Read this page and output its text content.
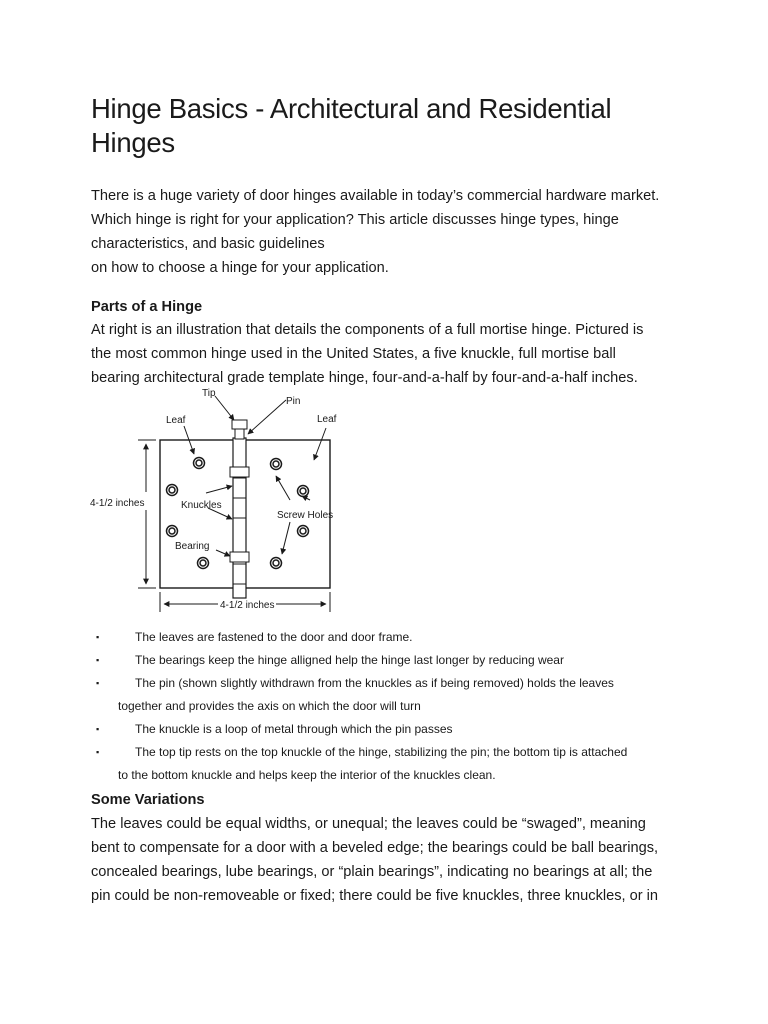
Hinge Basics - Architectural and Residential Hinges

There is a huge variety of door hinges available in today’s commercial hardware market.
Which hinge is right for your application? This article discusses hinge types, hinge
characteristics, and basic guidelines
on how to choose a hinge for your application.

Parts of a Hinge

At right is an illustration that details the components of a full mortise hinge. Pictured is
the most common hinge used in the United States, a five knuckle, full mortise ball
bearing architectural grade template hinge, four-and-a-half by four-and-a-half inches.

Tip
Pin
Leaf	Leaf
4-1/2 inches	Knuckles
Screw Holes
Bearing
4-1/2 inches
▪	The leaves are fastened to the door and door frame.
▪	The bearings keep the hinge alligned help the hinge last longer by reducing wear
▪	The pin (shown slightly withdrawn from the knuckles as if being removed) holds the leaves
together and provides the axis on which the door will turn
▪	The knuckle is a loop of metal through which the pin passes
▪	The top tip rests on the top knuckle of the hinge, stabilizing the pin; the bottom tip is attached
to the bottom knuckle and helps keep the interior of the knuckles clean.
Some Variations

The leaves could be equal widths, or unequal; the leaves could be “swaged”, meaning
bent to compensate for a door with a beveled edge; the bearings could be ball bearings,
concealed bearings, lube bearings, or “plain bearings”, indicating no bearings at all; the
pin could be non-removeable or fixed; there could be five knuckles, three knuckles, or in
